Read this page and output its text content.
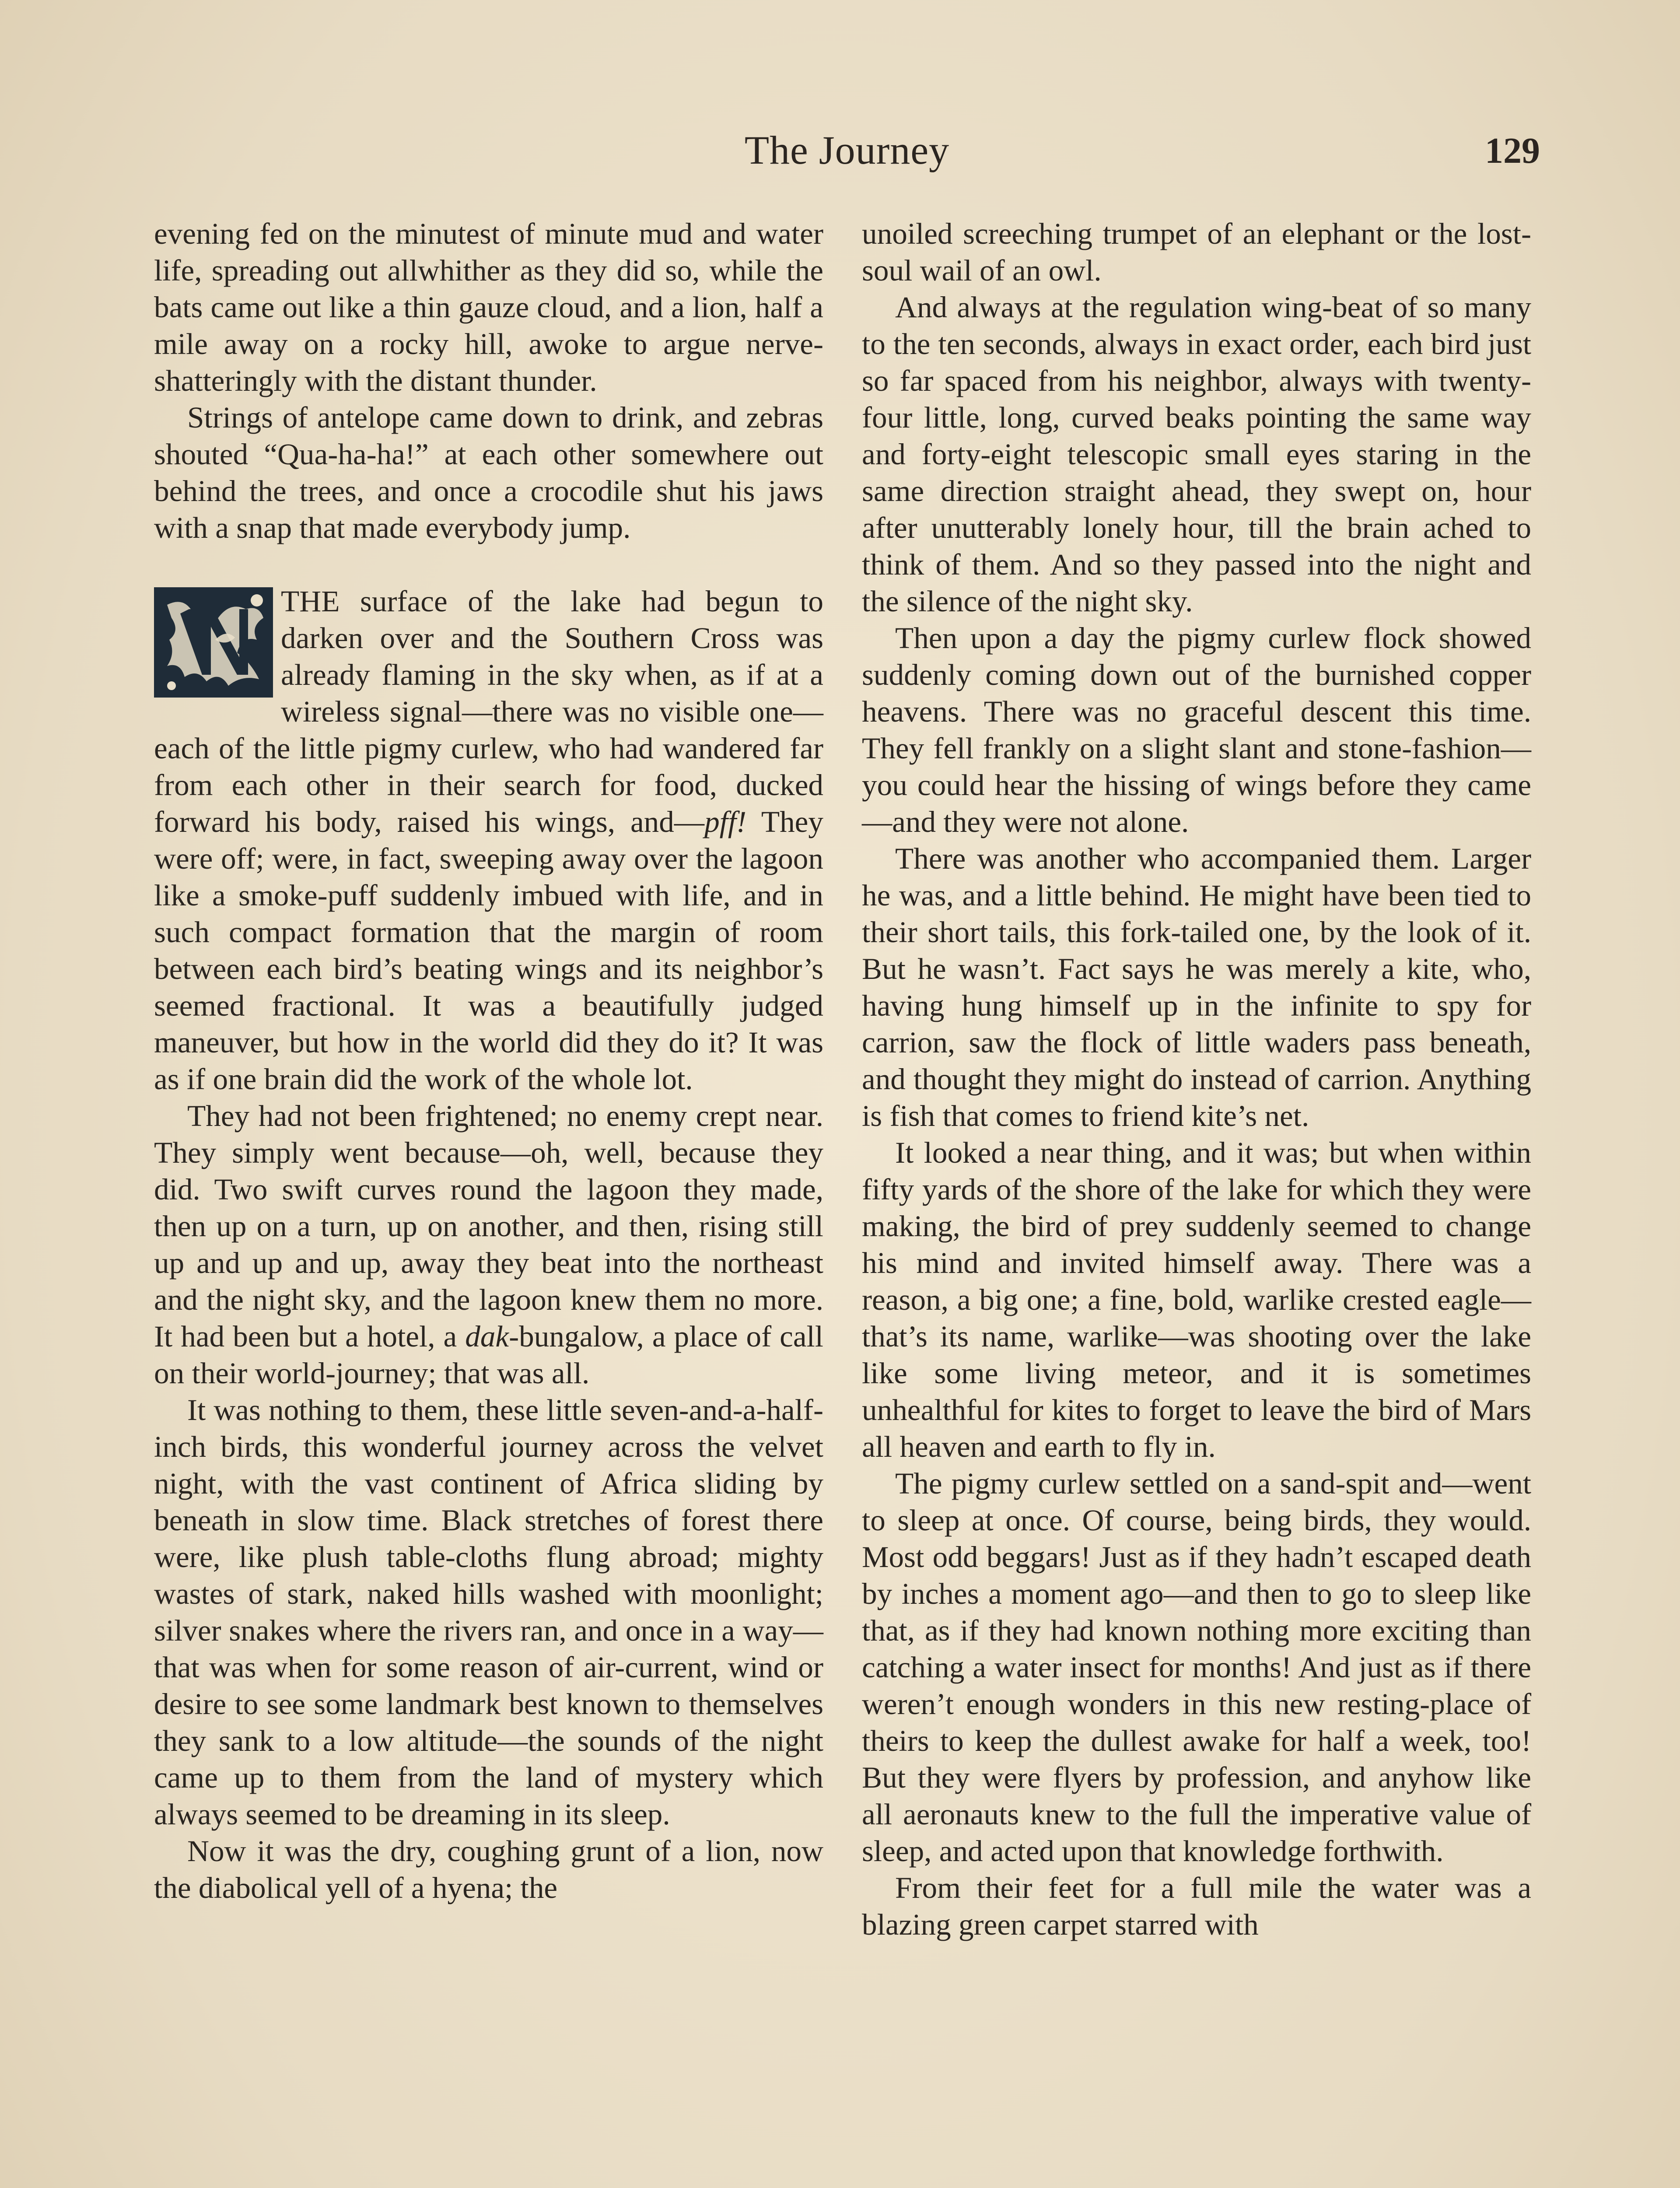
The Journey	129

evening fed on the minutest of minute mud and water life, spreading out allwhither as they did so, while the bats came out like a thin gauze cloud, and a lion, half a mile away on a rocky hill, awoke to argue nerve-shatteringly with the distant thunder.

Strings of antelope came down to drink, and zebras shouted “Qua-ha-ha!” at each other somewhere out behind the trees, and once a crocodile shut his jaws with a snap that made everybody jump.

THE surface of the lake had begun to darken over and the Southern Cross was already flaming in the sky when, as if at a wireless signal—there was no visible one—each of the little pigmy curlew, who had wandered far from each other in their search for food, ducked forward his body, raised his wings, and—pff! They were off; were, in fact, sweeping away over the lagoon like a smoke-puff suddenly imbued with life, and in such compact formation that the margin of room between each bird’s beating wings and its neighbor’s seemed fractional. It was a beautifully judged maneuver, but how in the world did they do it? It was as if one brain did the work of the whole lot.

They had not been frightened; no enemy crept near. They simply went because—oh, well, because they did. Two swift curves round the lagoon they made, then up on a turn, up on another, and then, rising still up and up and up, away they beat into the northeast and the night sky, and the lagoon knew them no more. It had been but a hotel, a dak-bungalow, a place of call on their world-journey; that was all.

It was nothing to them, these little seven-and-a-half-inch birds, this wonderful journey across the velvet night, with the vast continent of Africa sliding by beneath in slow time. Black stretches of forest there were, like plush table-cloths flung abroad; mighty wastes of stark, naked hills washed with moonlight; silver snakes where the rivers ran, and once in a way—that was when for some reason of air-current, wind or desire to see some landmark best known to themselves they sank to a low altitude—the sounds of the night came up to them from the land of mystery which always seemed to be dreaming in its sleep.

Now it was the dry, coughing grunt of a lion, now the diabolical yell of a hyena; the

unoiled screeching trumpet of an elephant or the lost-soul wail of an owl.

And always at the regulation wing-beat of so many to the ten seconds, always in exact order, each bird just so far spaced from his neighbor, always with twenty-four little, long, curved beaks pointing the same way and forty-eight telescopic small eyes staring in the same direction straight ahead, they swept on, hour after unutterably lonely hour, till the brain ached to think of them. And so they passed into the night and the silence of the night sky.

Then upon a day the pigmy curlew flock showed suddenly coming down out of the burnished copper heavens. There was no graceful descent this time. They fell frankly on a slight slant and stone-fashion—you could hear the hissing of wings before they came—and they were not alone.

There was another who accompanied them. Larger he was, and a little behind. He might have been tied to their short tails, this fork-tailed one, by the look of it. But he wasn’t. Fact says he was merely a kite, who, having hung himself up in the infinite to spy for carrion, saw the flock of little waders pass beneath, and thought they might do instead of carrion. Anything is fish that comes to friend kite’s net.

It looked a near thing, and it was; but when within fifty yards of the shore of the lake for which they were making, the bird of prey suddenly seemed to change his mind and invited himself away. There was a reason, a big one; a fine, bold, warlike crested eagle—that’s its name, warlike—was shooting over the lake like some living meteor, and it is sometimes unhealthful for kites to forget to leave the bird of Mars all heaven and earth to fly in.

The pigmy curlew settled on a sand-spit and—went to sleep at once. Of course, being birds, they would. Most odd beggars! Just as if they hadn’t escaped death by inches a moment ago—and then to go to sleep like that, as if they had known nothing more exciting than catching a water insect for months! And just as if there weren’t enough wonders in this new resting-place of theirs to keep the dullest awake for half a week, too! But they were flyers by profession, and anyhow like all aeronauts knew to the full the imperative value of sleep, and acted upon that knowledge forthwith.

From their feet for a full mile the water was a blazing green carpet starred with
